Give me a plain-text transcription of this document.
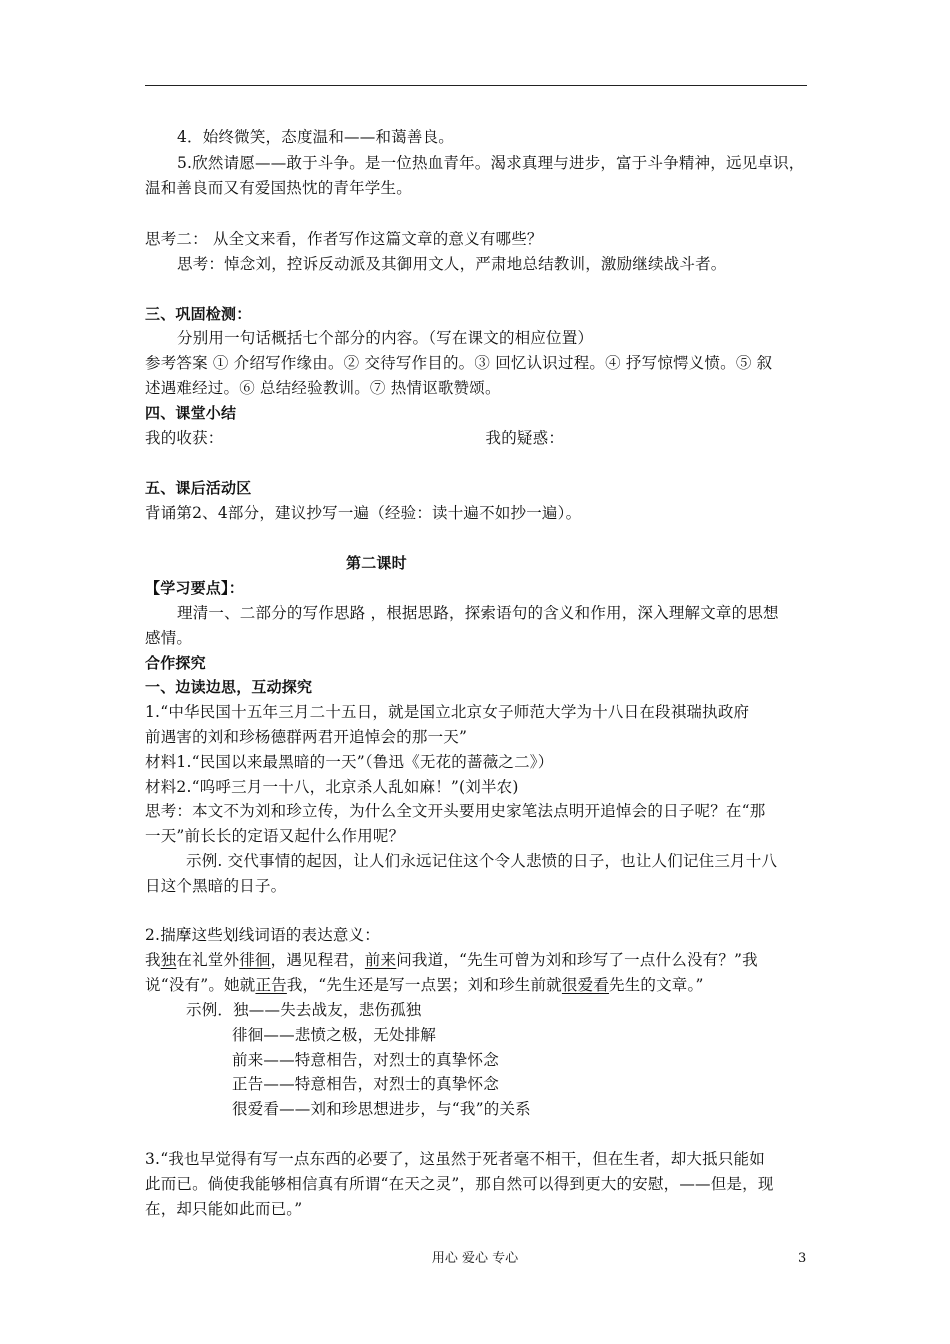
4．始终微笑，态度温和——和蔼善良。

5.欣然请愿——敢于斗争。是一位热血青年。渴求真理与进步，富于斗争精神，远见卓识，

温和善良而又有爱国热忱的青年学生。

思考二： 从全文来看，作者写作这篇文章的意义有哪些？

思考：悼念刘，控诉反动派及其御用文人，严肃地总结教训，激励继续战斗者。

三、巩固检测：

分别用一句话概括七个部分的内容。（写在课文的相应位置）

参考答案 ① 介绍写作缘由。② 交待写作目的。③ 回忆认识过程。④ 抒写惊愕义愤。⑤ 叙

述遇难经过。⑥ 总结经验教训。⑦ 热情讴歌赞颂。

四、课堂小结

我的收获：	我的疑惑：

五、课后活动区

背诵第2、4部分，建议抄写一遍（经验：读十遍不如抄一遍）。

第二课时

【学习要点】：

理清一、二部分的写作思路 ，根据思路，探索语句的含义和作用，深入理解文章的思想

感情。

合作探究

一、边读边思，互动探究

1.“中华民国十五年三月二十五日，就是国立北京女子师范大学为十八日在段祺瑞执政府

前遇害的刘和珍杨德群两君开追悼会的那一天”

材料1.“民国以来最黑暗的一天”（鲁迅《无花的蔷薇之二》）

材料2.“呜呼三月一十八，北京杀人乱如麻！”(刘半农)

思考：本文不为刘和珍立传，为什么全文开头要用史家笔法点明开追悼会的日子呢？在“那

一天”前长长的定语又起什么作用呢？

示例. 交代事情的起因，让人们永远记住这个令人悲愤的日子，也让人们记住三月十八

日这个黑暗的日子。

2.揣摩这些划线词语的表达意义：

我独在礼堂外徘徊，遇见程君，前来问我道，“先生可曾为刘和珍写了一点什么没有？”我

说“没有”。她就正告我，“先生还是写一点罢；刘和珍生前就很爱看先生的文章。”

示例．独——失去战友，悲伤孤独

徘徊——悲愤之极，无处排解

前来——特意相告，对烈士的真挚怀念

正告——特意相告，对烈士的真挚怀念

很爱看——刘和珍思想进步，与“我”的关系

3.“我也早觉得有写一点东西的必要了，这虽然于死者毫不相干，但在生者，却大抵只能如

此而已。倘使我能够相信真有所谓“在天之灵”，那自然可以得到更大的安慰，——但是，现

在，却只能如此而已。”

用心 爱心 专心	3
